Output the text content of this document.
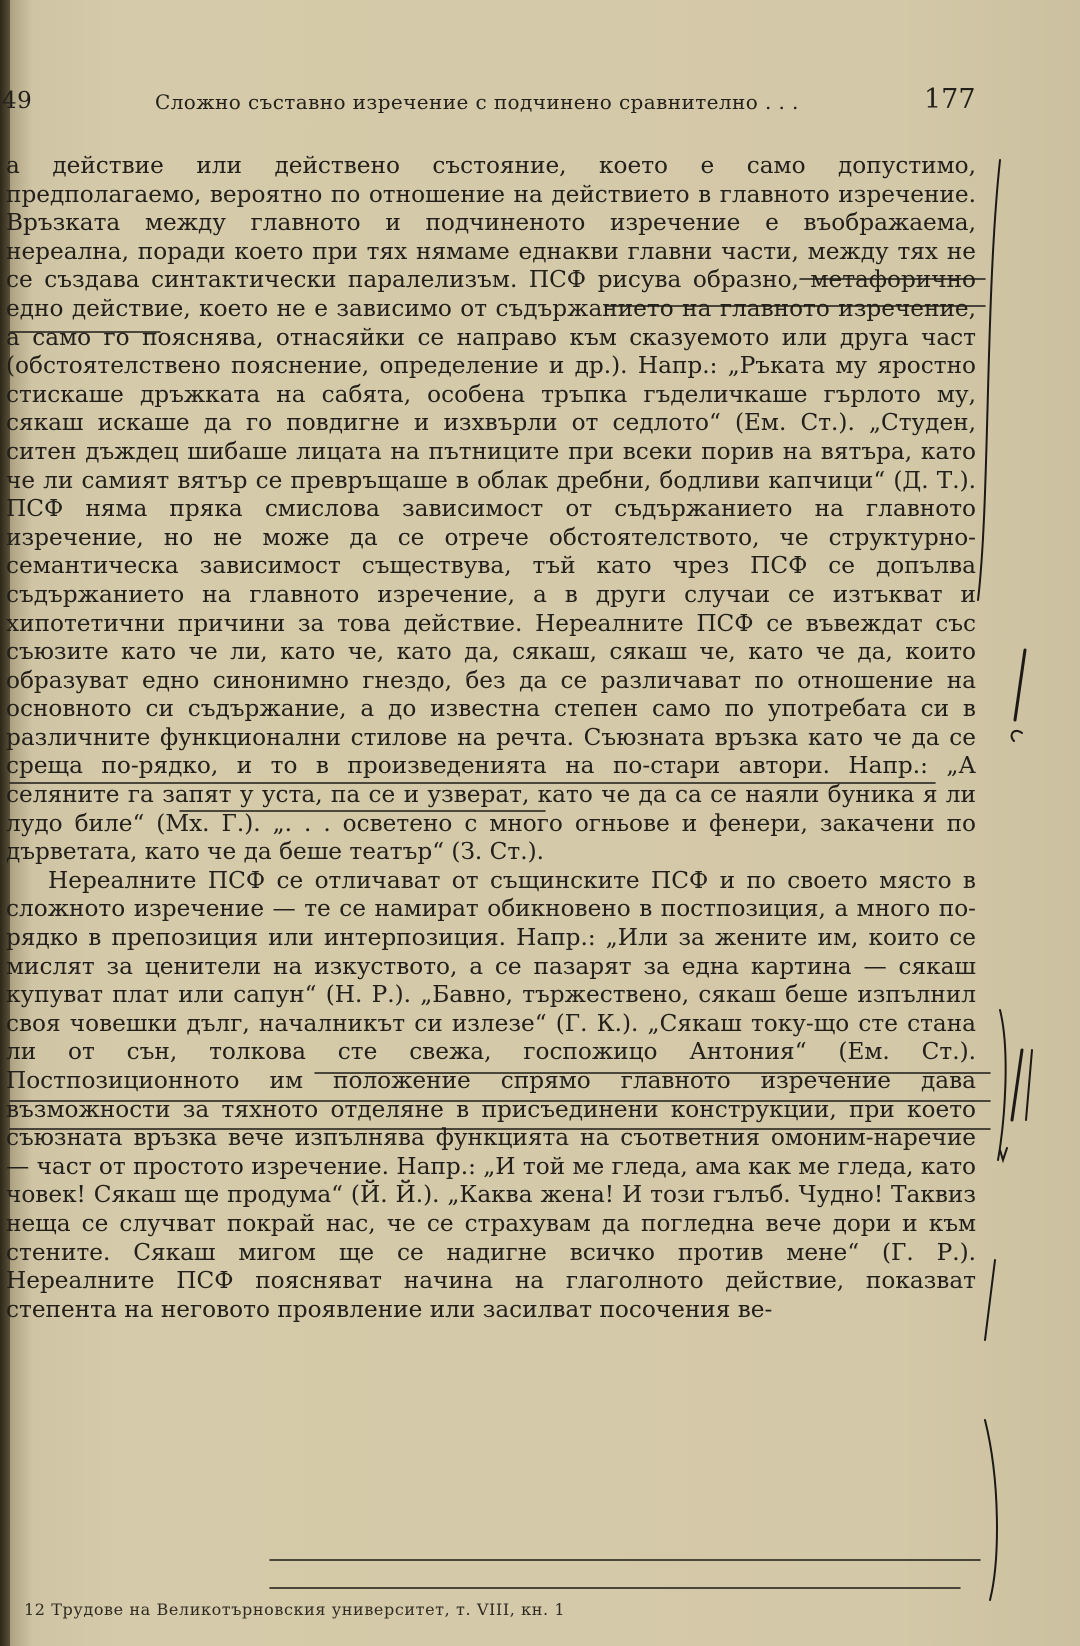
49	Сложно съставно изречение с подчинено сравнително . . .	177

а действие или действено състояние, което е само допустимо, предполагаемо, вероятно по отношение на действието в главното изречение. Връзката между главното и подчиненото изречение е въображаема, нереална, поради което при тях нямаме еднакви главни части, между тях не се създава синтактически паралелизъм. ПСФ рисува образно, метафорично едно действие, което не е зависимо от съдържанието на главното изречение, а само го пояснява, отнасяйки се направо към сказуемото или друга част (обстоятелствено пояснение, определение и др.). Напр.: „Ръката му яростно стискаше дръжката на сабята, особена тръпка гъделичкаше гърлото му, сякаш искаше да го повдигне и изхвърли от седлото“ (Ем. Ст.). „Студен, ситен дъждец шибаше лицата на пътниците при всеки порив на вятъра, като че ли самият вятър се превръщаше в облак дребни, бодливи капчици“ (Д. Т.). ПСФ няма пряка смислова зависимост от съдържанието на главното изречение, но не може да се отрече обстоятелството, че структурно-семантическа зависимост съществува, тъй като чрез ПСФ се допълва съдържанието на главното изречение, а в други случаи се изтъкват и хипотетични причини за това действие. Нереалните ПСФ се въвеждат със съюзите като че ли, като че, като да, сякаш, сякаш че, като че да, които образуват едно синонимно гнездо, без да се различават по отношение на основното си съдържание, а до известна степен само по употребата си в различните функционални стилове на речта. Съюзната връзка като че да се среща по-рядко, и то в произведенията на по-стари автори. Напр.: „А селяните га запят у уста, па се и узверат, като че да са се наяли буника я ли лудо биле“ (Мх. Г.). „. . . осветено с много огньове и фенери, закачени по дърветата, като че да беше театър“ (З. Ст.).

Нереалните ПСФ се отличават от същинските ПСФ и по своето място в сложното изречение — те се намират обикновено в постпозиция, а много по-рядко в препозиция или интерпозиция. Напр.: „Или за жените им, които се мислят за ценители на изкуството, а се пазарят за една картина — сякаш купуват плат или сапун“ (Н. Р.). „Бавно, тържествено, сякаш беше изпълнил своя човешки дълг, началникът си излезе“ (Г. К.). „Сякаш току-що сте стана ли от сън, толкова сте свежа, госпожицо Антония“ (Ем. Ст.). Постпозиционното им положение спрямо главното изречение дава възможности за тяхното отделяне в присъединени конструкции, при което съюзната връзка вече изпълнява функцията на съответния омоним-наречие — част от простото изречение. Напр.: „И той ме гледа, ама как ме гледа, като човек! Сякаш ще продума“ (Й. Й.). „Каква жена! И този гълъб. Чудно! Таквиз неща се случват покрай нас, че се страхувам да погледна вече дори и към стените. Сякаш мигом ще се надигне всичко против мене“ (Г. Р.). Нереалните ПСФ поясняват начина на глаголното действие, показват степента на неговото проявление или засилват посочения ве-

12 Трудове на Великотърновския университет, т. VIII, кн. 1
